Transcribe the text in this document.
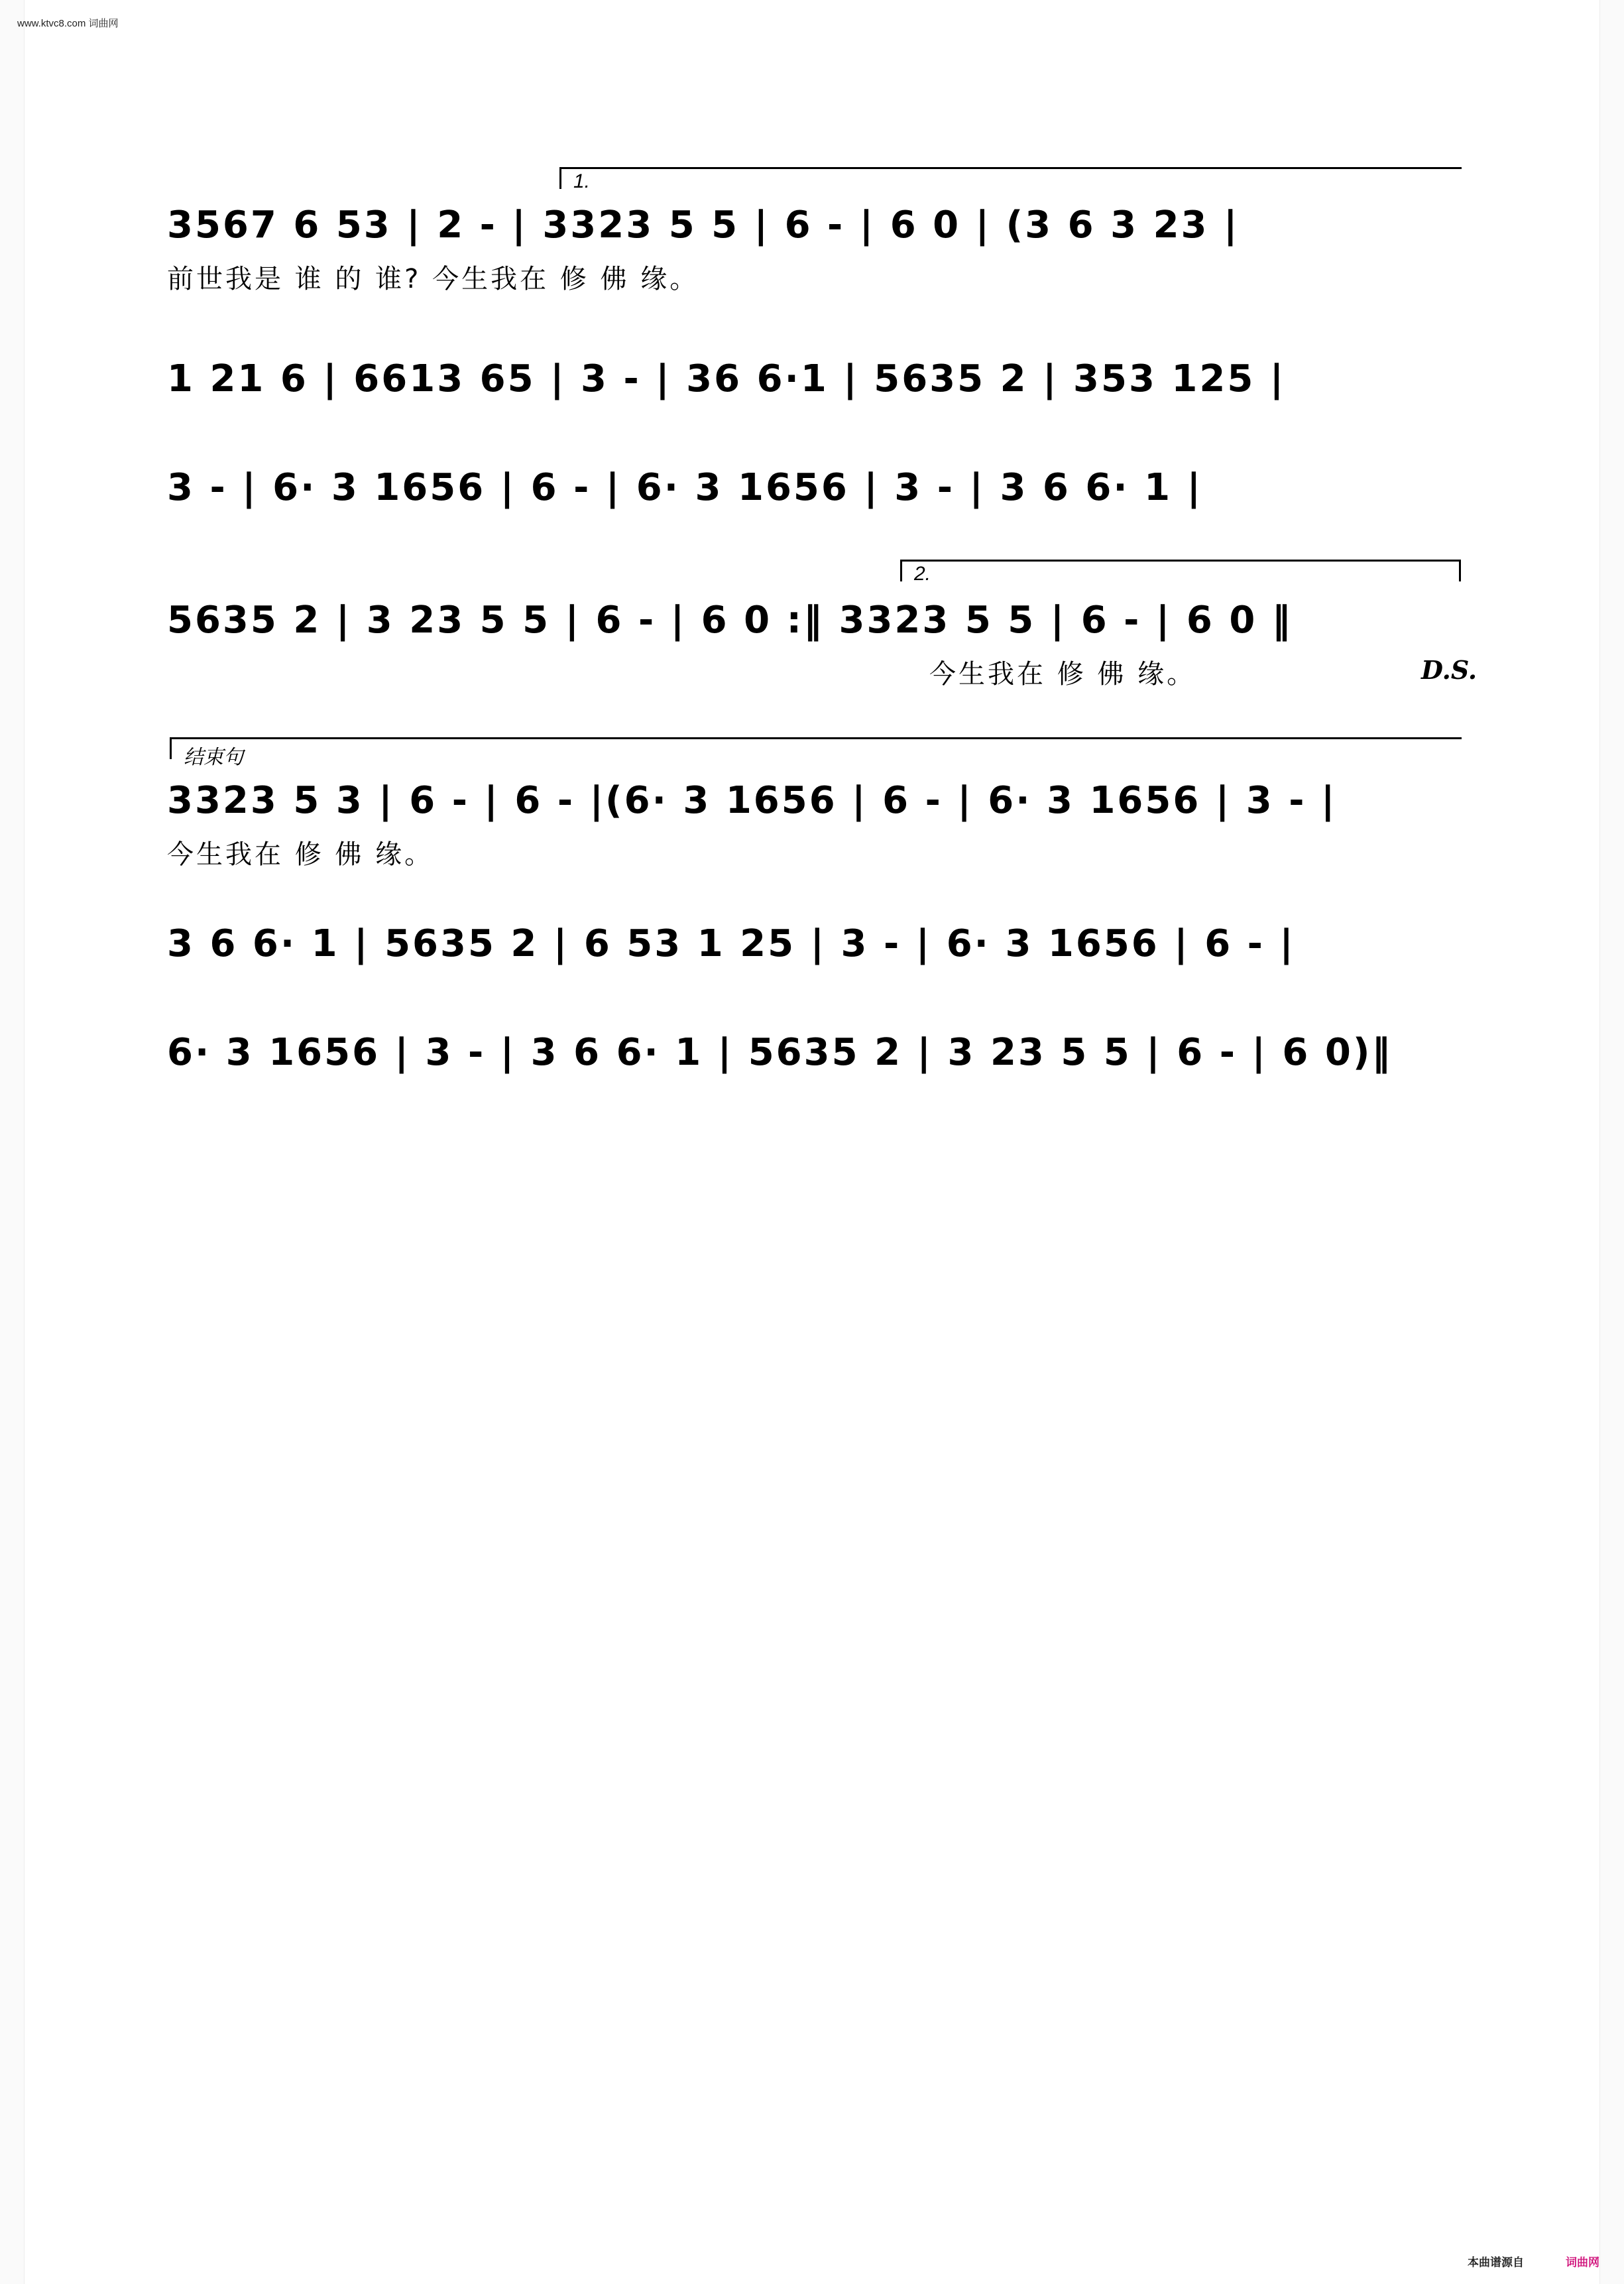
www.ktvc8.com 词曲网
1.
3567 6 53 | 2 - | 3323 5 5 | 6 - | 6 0 | (3 6 3 23 |
前世我是 谁 的 谁? 今生我在 修 佛 缘。
1 21 6 | 6613 65 | 3 - | 36 6·1 | 5635 2 | 353 125 |
3 - | 6· 3 1656 | 6 - | 6· 3 1656 | 3 - | 3 6 6· 1 |
2.
5635 2 | 3 23 5 5 | 6 - | 6 0 :‖ 3323 5 5 | 6 - | 6 0 ‖
今生我在 修 佛 缘。	D.S.
结束句
3323 5 3 | 6 - | 6 - |(6· 3 1656 | 6 - | 6· 3 1656 | 3 - |
今生我在 修 佛 缘。
3 6 6· 1 | 5635 2 | 6 53 1 25 | 3 - | 6· 3 1656 | 6 - |
6· 3 1656 | 3 - | 3 6 6· 1 | 5635 2 | 3 23 5 5 | 6 - | 6 0)‖
本曲谱源自	词曲网
